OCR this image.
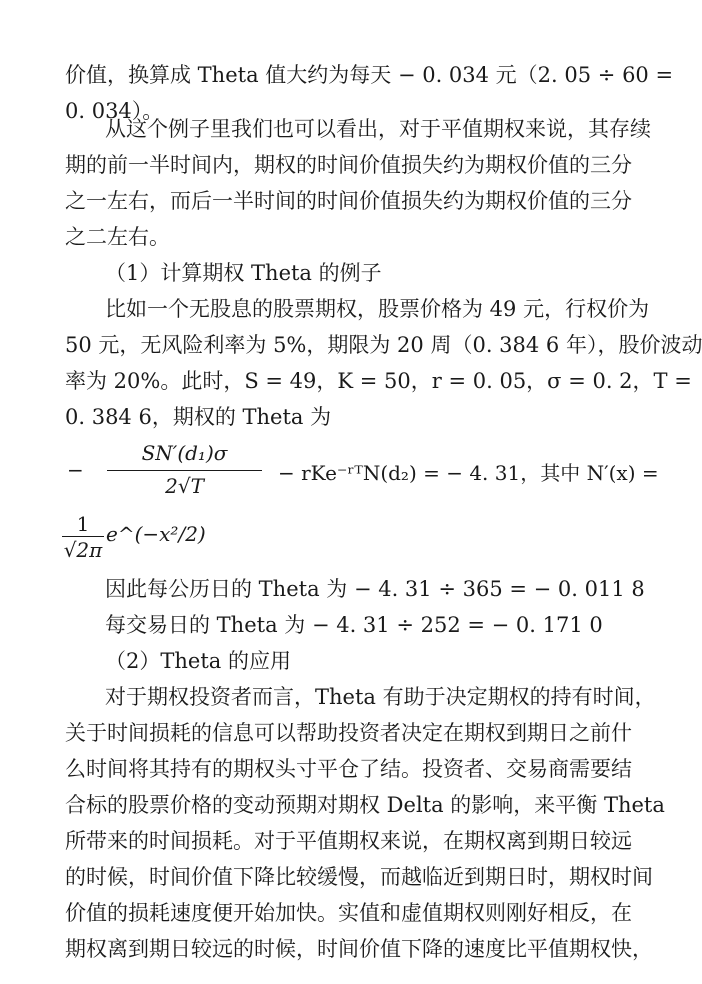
价值，换算成 Theta 值大约为每天 − 0. 034 元（2. 05 ÷ 60 =
0. 034）。
从这个例子里我们也可以看出，对于平值期权来说，其存续
期的前一半时间内，期权的时间价值损失约为期权价值的三分
之一左右，而后一半时间的时间价值损失约为期权价值的三分
之二左右。
（1）计算期权 Theta 的例子
比如一个无股息的股票期权，股票价格为 49 元，行权价为
50 元，无风险利率为 5%，期限为 20 周（0. 384 6 年），股价波动
率为 20%。此时，S = 49，K = 50，r = 0. 05，σ = 0. 2，T =
−
SN′(d₁)σ
2√T
− rKe⁻ʳᵀN(d₂) = − 4. 31，其中 N′(x) =
1
√2π
e^(−x²/2)
因此每公历日的 Theta 为 − 4. 31 ÷ 365 = − 0. 011 8
每交易日的 Theta 为 − 4. 31 ÷ 252 = − 0. 171 0
（2）Theta 的应用
对于期权投资者而言，Theta 有助于决定期权的持有时间，
关于时间损耗的信息可以帮助投资者决定在期权到期日之前什
么时间将其持有的期权头寸平仓了结。投资者、交易商需要结
合标的股票价格的变动预期对期权 Delta 的影响，来平衡 Theta
所带来的时间损耗。对于平值期权来说，在期权离到期日较远
的时候，时间价值下降比较缓慢，而越临近到期日时，期权时间
价值的损耗速度便开始加快。实值和虚值期权则刚好相反，在
期权离到期日较远的时候，时间价值下降的速度比平值期权快，
0. 384 6，期权的 Theta 为
